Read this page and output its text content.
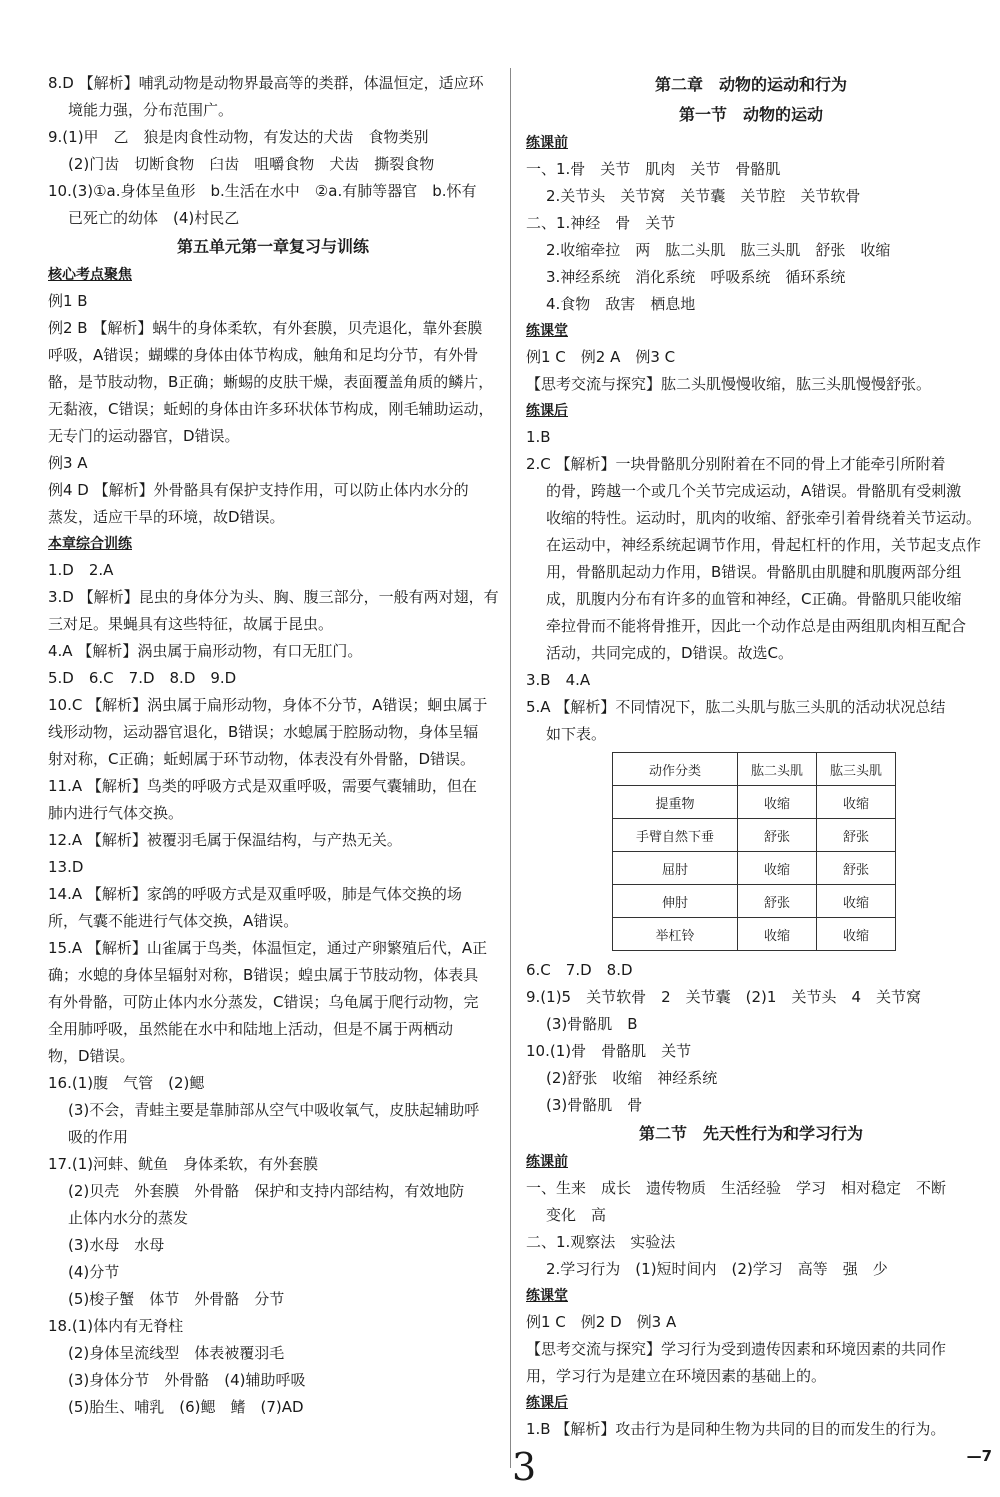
8.D 【解析】哺乳动物是动物界最高等的类群，体温恒定，适应环
境能力强，分布范围广。
9.(1)甲　乙　狼是肉食性动物，有发达的犬齿　食物类别
(2)门齿　切断食物　臼齿　咀嚼食物　犬齿　撕裂食物
10.(3)①a.身体呈鱼形　b.生活在水中　②a.有肺等器官　b.怀有
已死亡的幼体　(4)村民乙
第五单元第一章复习与训练
核心考点聚焦
例1 B
例2 B 【解析】蜗牛的身体柔软，有外套膜，贝壳退化，靠外套膜
呼吸，A错误；蝴蝶的身体由体节构成，触角和足均分节，有外骨
骼，是节肢动物，B正确；蜥蜴的皮肤干燥，表面覆盖角质的鳞片，
无黏液，C错误；蚯蚓的身体由许多环状体节构成，刚毛辅助运动，
无专门的运动器官，D错误。
例3 A
例4 D 【解析】外骨骼具有保护支持作用，可以防止体内水分的
蒸发，适应干旱的环境，故D错误。
本章综合训练
1.D　2.A
3.D 【解析】昆虫的身体分为头、胸、腹三部分，一般有两对翅，有
三对足。果蝇具有这些特征，故属于昆虫。
4.A 【解析】涡虫属于扁形动物，有口无肛门。
5.D　6.C　7.D　8.D　9.D
10.C 【解析】涡虫属于扁形动物，身体不分节，A错误；蛔虫属于
线形动物，运动器官退化，B错误；水螅属于腔肠动物，身体呈辐
射对称，C正确；蚯蚓属于环节动物，体表没有外骨骼，D错误。
11.A 【解析】鸟类的呼吸方式是双重呼吸，需要气囊辅助，但在
肺内进行气体交换。
12.A 【解析】被覆羽毛属于保温结构，与产热无关。
13.D
14.A 【解析】家鸽的呼吸方式是双重呼吸，肺是气体交换的场
所，气囊不能进行气体交换，A错误。
15.A 【解析】山雀属于鸟类，体温恒定，通过产卵繁殖后代，A正
确；水螅的身体呈辐射对称，B错误；蝗虫属于节肢动物，体表具
有外骨骼，可防止体内水分蒸发，C错误；乌龟属于爬行动物，完
全用肺呼吸，虽然能在水中和陆地上活动，但是不属于两栖动
物，D错误。
16.(1)腹　气管　(2)鳃
(3)不会，青蛙主要是靠肺部从空气中吸收氧气，皮肤起辅助呼
吸的作用
17.(1)河蚌、鱿鱼　身体柔软，有外套膜
(2)贝壳　外套膜　外骨骼　保护和支持内部结构，有效地防
止体内水分的蒸发
(3)水母　水母
(4)分节
(5)梭子蟹　体节　外骨骼　分节
18.(1)体内有无脊柱
(2)身体呈流线型　体表被覆羽毛
(3)身体分节　外骨骼　(4)辅助呼吸
(5)胎生、哺乳　(6)鳃　鳍　(7)AD
第二章　动物的运动和行为
第一节　动物的运动
练课前
一、1.骨　关节　肌肉　关节　骨骼肌
2.关节头　关节窝　关节囊　关节腔　关节软骨
二、1.神经　骨　关节
2.收缩牵拉　两　肱二头肌　肱三头肌　舒张　收缩
3.神经系统　消化系统　呼吸系统　循环系统
4.食物　敌害　栖息地
练课堂
例1 C　例2 A　例3 C
【思考交流与探究】肱二头肌慢慢收缩，肱三头肌慢慢舒张。
练课后
1.B
2.C 【解析】一块骨骼肌分别附着在不同的骨上才能牵引所附着
的骨，跨越一个或几个关节完成运动，A错误。骨骼肌有受刺激
收缩的特性。运动时，肌肉的收缩、舒张牵引着骨绕着关节运动。
在运动中，神经系统起调节作用，骨起杠杆的作用，关节起支点作
用，骨骼肌起动力作用，B错误。骨骼肌由肌腱和肌腹两部分组
成，肌腹内分布有许多的血管和神经，C正确。骨骼肌只能收缩
牵拉骨而不能将骨推开，因此一个动作总是由两组肌肉相互配合
活动，共同完成的，D错误。故选C。
3.B　4.A
5.A 【解析】不同情况下，肱二头肌与肱三头肌的活动状况总结
如下表。
动作分类	肱二头肌	肱三头肌
提重物	收缩	收缩
手臂自然下垂	舒张	舒张
屈肘	收缩	舒张
伸肘	舒张	收缩
举杠铃	收缩	收缩
6.C　7.D　8.D
9.(1)5　关节软骨　2　关节囊　(2)1　关节头　4　关节窝
(3)骨骼肌　B
10.(1)骨　骨骼肌　关节
(2)舒张　收缩　神经系统
(3)骨骼肌　骨
第二节　先天性行为和学习行为
练课前
一、生来　成长　遗传物质　生活经验　学习　相对稳定　不断
变化　高
二、1.观察法　实验法
2.学习行为　(1)短时间内　(2)学习　高等　强　少
练课堂
例1 C　例2 D　例3 A
【思考交流与探究】学习行为受到遗传因素和环境因素的共同作
用，学习行为是建立在环境因素的基础上的。
练课后
1.B 【解析】攻击行为是同种生物为共同的目的而发生的行为。
3	—7
